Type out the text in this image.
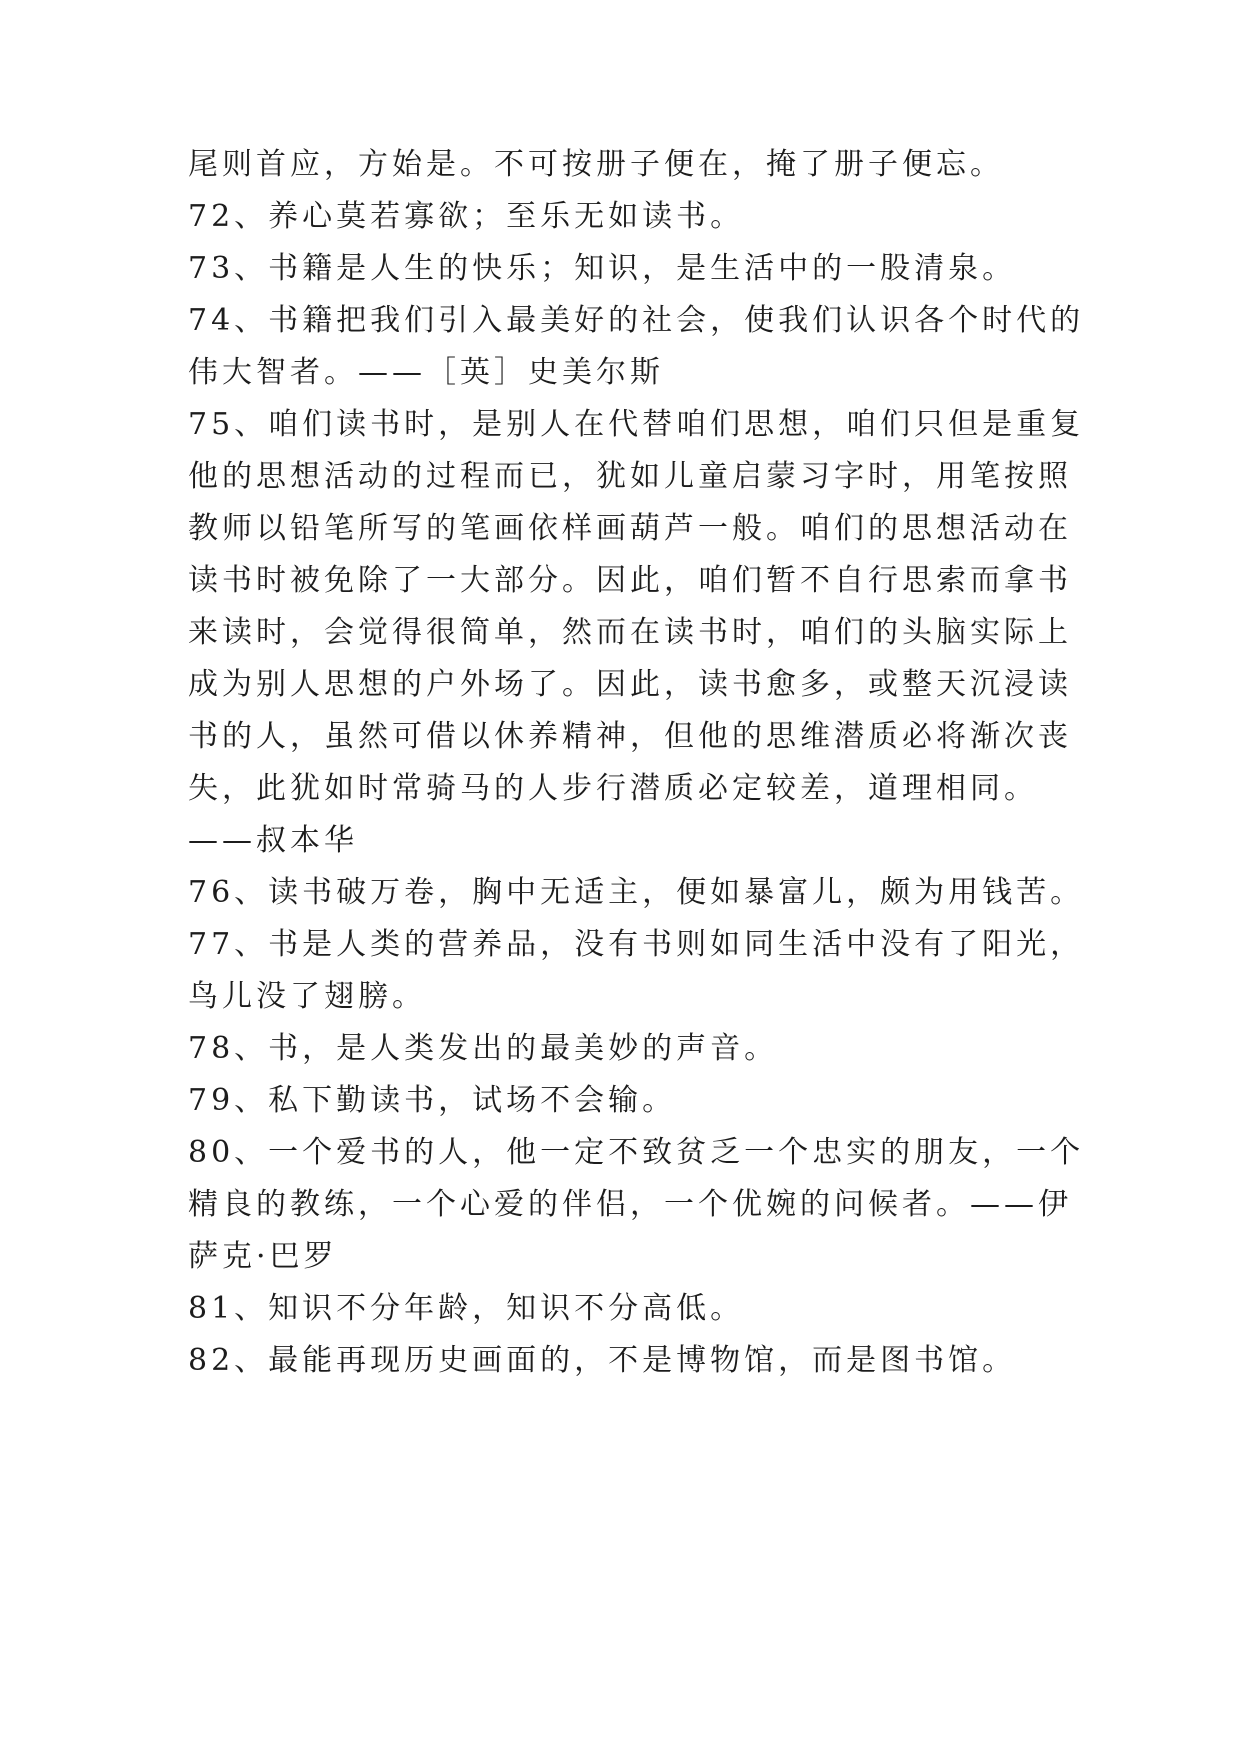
尾则首应，方始是。不可按册子便在，掩了册子便忘。
72、养心莫若寡欲；至乐无如读书。
73、书籍是人生的快乐；知识，是生活中的一股清泉。
74、书籍把我们引入最美好的社会，使我们认识各个时代的
伟大智者。——［英］史美尔斯
75、咱们读书时，是别人在代替咱们思想，咱们只但是重复
他的思想活动的过程而已，犹如儿童启蒙习字时，用笔按照
教师以铅笔所写的笔画依样画葫芦一般。咱们的思想活动在
读书时被免除了一大部分。因此，咱们暂不自行思索而拿书
来读时，会觉得很简单，然而在读书时，咱们的头脑实际上
成为别人思想的户外场了。因此，读书愈多，或整天沉浸读
书的人，虽然可借以休养精神，但他的思维潜质必将渐次丧
失，此犹如时常骑马的人步行潜质必定较差，道理相同。
——叔本华
76、读书破万卷，胸中无适主，便如暴富儿，颇为用钱苦。
77、书是人类的营养品，没有书则如同生活中没有了阳光，
鸟儿没了翅膀。
78、书，是人类发出的最美妙的声音。
79、私下勤读书，试场不会输。
80、一个爱书的人，他一定不致贫乏一个忠实的朋友，一个
精良的教练，一个心爱的伴侣，一个优婉的问候者。——伊
萨克·巴罗
81、知识不分年龄，知识不分高低。
82、最能再现历史画面的，不是博物馆，而是图书馆。
